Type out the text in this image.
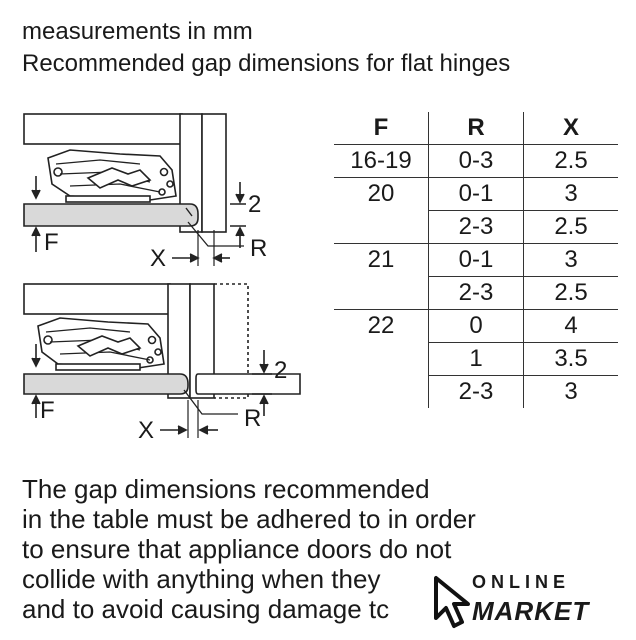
measurements in mm
Recommended gap dimensions for flat hinges
2
F
X	R
2
F
X	R
F	R	X
16-19	0-3	2.5
20	0-1	3
	2-3	2.5
21	0-1	3
	2-3	2.5
22	0	4
	1	3.5
	2-3	3
The gap dimensions recommended
in the table must be adhered to in order
to ensure that appliance doors do not
collide with anything when they
and to avoid causing damage tc
ONLINE
MARKET
